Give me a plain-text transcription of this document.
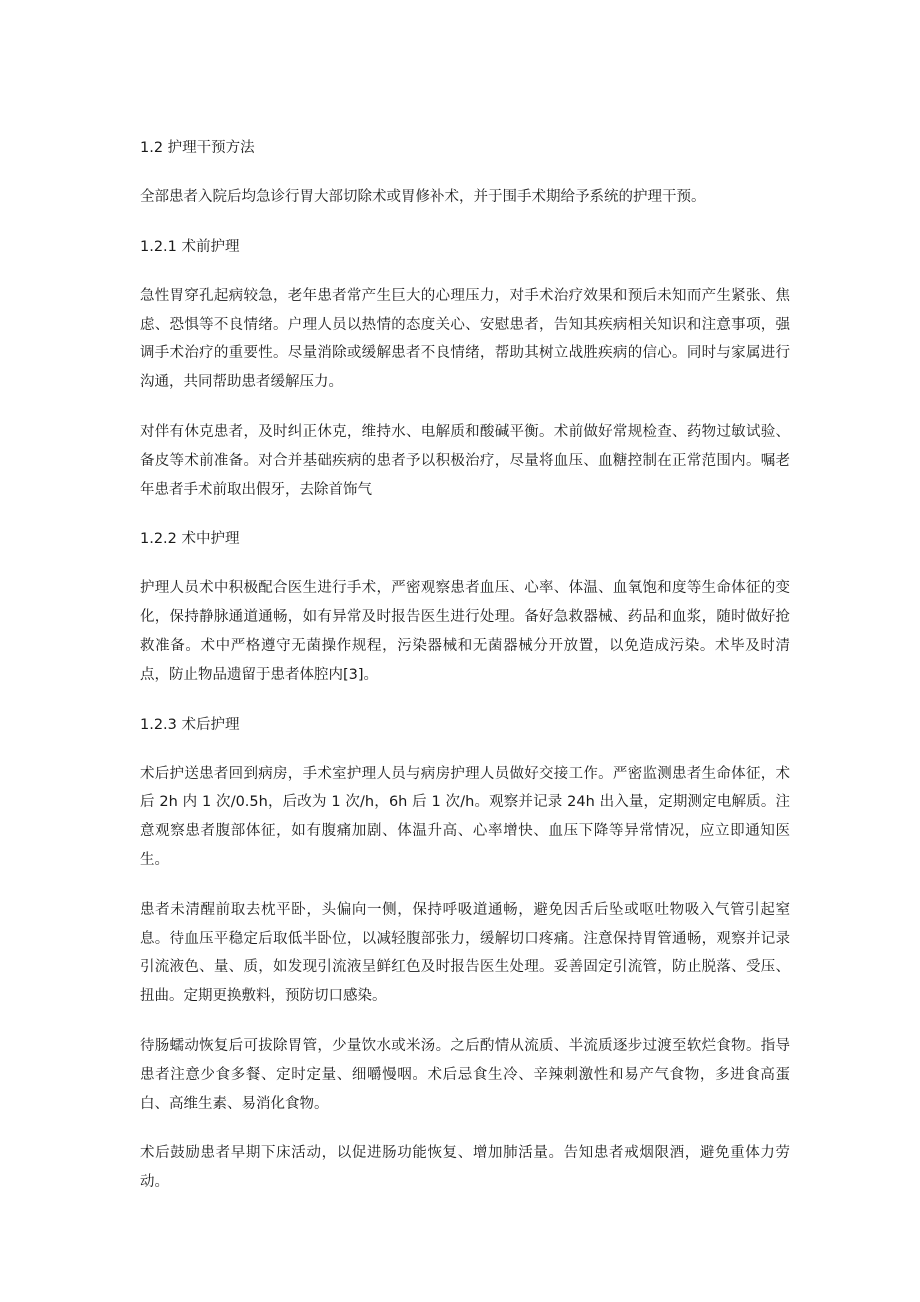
1.2 护理干预方法
全部患者入院后均急诊行胃大部切除术或胃修补术，并于围手术期给予系统的护理干预。
1.2.1 术前护理
急性胃穿孔起病较急，老年患者常产生巨大的心理压力，对手术治疗效果和预后未知而产生紧张、焦虑、恐惧等不良情绪。户理人员以热情的态度关心、安慰患者，告知其疾病相关知识和注意事项，强调手术治疗的重要性。尽量消除或缓解患者不良情绪，帮助其树立战胜疾病的信心。同时与家属进行沟通，共同帮助患者缓解压力。
对伴有休克患者，及时纠正休克，维持水、电解质和酸碱平衡。术前做好常规检查、药物过敏试验、备皮等术前准备。对合并基础疾病的患者予以积极治疗，尽量将血压、血糖控制在正常范围内。嘱老年患者手术前取出假牙，去除首饰气
1.2.2 术中护理
护理人员术中积极配合医生进行手术，严密观察患者血压、心率、体温、血氧饱和度等生命体征的变化，保持静脉通道通畅，如有异常及时报告医生进行处理。备好急救器械、药品和血浆，随时做好抢救准备。术中严格遵守无菌操作规程，污染器械和无菌器械分开放置，以免造成污染。术毕及时清点，防止物品遗留于患者体腔内[3]。
1.2.3 术后护理
术后护送患者回到病房，手术室护理人员与病房护理人员做好交接工作。严密监测患者生命体征，术后 2h 内 1 次/0.5h，后改为 1 次/h，6h 后 1 次/h。观察并记录 24h 出入量，定期测定电解质。注意观察患者腹部体征，如有腹痛加剧、体温升高、心率增快、血压下降等异常情况，应立即通知医生。
患者未清醒前取去枕平卧，头偏向一侧，保持呼吸道通畅，避免因舌后坠或呕吐物吸入气管引起窒息。待血压平稳定后取低半卧位，以减轻腹部张力，缓解切口疼痛。注意保持胃管通畅，观察并记录引流液色、量、质，如发现引流液呈鲜红色及时报告医生处理。妥善固定引流管，防止脱落、受压、扭曲。定期更换敷料，预防切口感染。
待肠蠕动恢复后可拔除胃管，少量饮水或米汤。之后酌情从流质、半流质逐步过渡至软烂食物。指导患者注意少食多餐、定时定量、细嚼慢咽。术后忌食生冷、辛辣刺激性和易产气食物，多进食高蛋白、高维生素、易消化食物。
术后鼓励患者早期下床活动，以促进肠功能恢复、增加肺活量。告知患者戒烟限酒，避免重体力劳动。
